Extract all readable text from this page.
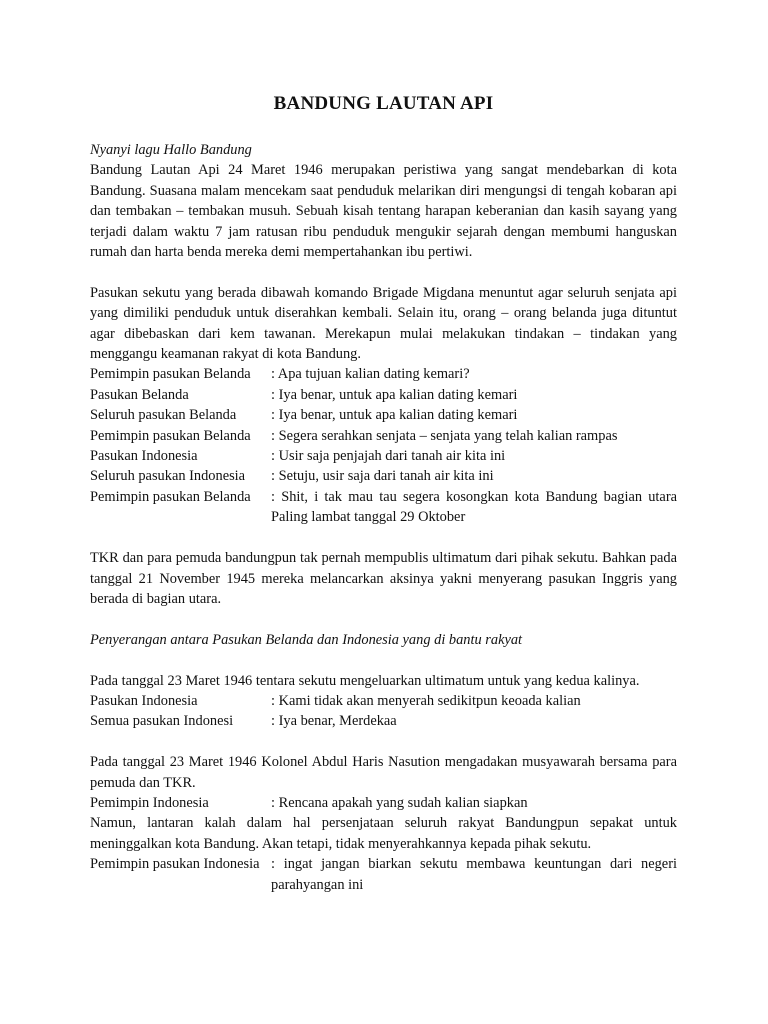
BANDUNG LAUTAN API
Nyanyi lagu Hallo Bandung
Bandung Lautan Api 24 Maret 1946 merupakan peristiwa yang sangat mendebarkan di kota Bandung. Suasana malam mencekam saat penduduk melarikan diri mengungsi di tengah kobaran api dan tembakan – tembakan musuh. Sebuah kisah tentang harapan keberanian dan kasih sayang yang terjadi dalam waktu 7 jam ratusan ribu penduduk mengukir sejarah dengan membumi hanguskan rumah dan harta benda mereka demi mempertahankan ibu pertiwi.
Pasukan sekutu yang berada dibawah komando Brigade Migdana menuntut agar seluruh senjata api yang dimiliki penduduk untuk diserahkan kembali. Selain itu, orang – orang belanda juga dituntut agar dibebaskan dari kem tawanan. Merekapun mulai melakukan tindakan – tindakan yang menggangu keamanan rakyat di kota Bandung.
Pemimpin pasukan Belanda	: Apa tujuan kalian dating kemari?
Pasukan Belanda	: Iya benar, untuk apa kalian dating kemari
Seluruh pasukan Belanda	: Iya benar, untuk apa kalian dating kemari
Pemimpin pasukan Belanda	: Segera serahkan senjata – senjata yang telah kalian rampas
Pasukan Indonesia	: Usir saja penjajah dari tanah air kita ini
Seluruh pasukan Indonesia	: Setuju, usir saja dari tanah air kita ini
Pemimpin pasukan Belanda	: Shit, i tak mau tau segera kosongkan kota Bandung bagian utara Paling lambat tanggal 29 Oktober
TKR dan para pemuda bandungpun tak pernah mempublis ultimatum dari pihak sekutu. Bahkan pada tanggal 21 November 1945 mereka melancarkan aksinya yakni menyerang pasukan Inggris yang berada di bagian utara.
Penyerangan antara Pasukan Belanda dan Indonesia yang di bantu rakyat
Pada tanggal 23 Maret 1946 tentara sekutu mengeluarkan ultimatum untuk yang kedua kalinya.
Pasukan Indonesia	: Kami tidak akan menyerah sedikitpun keoada kalian
Semua pasukan Indonesi	: Iya benar, Merdekaa
Pada tanggal 23 Maret 1946 Kolonel Abdul Haris Nasution mengadakan musyawarah bersama para pemuda dan TKR.
Pemimpin Indonesia	: Rencana apakah yang sudah kalian siapkan
Namun, lantaran kalah dalam hal persenjataan seluruh rakyat Bandungpun sepakat untuk meninggalkan kota Bandung. Akan tetapi, tidak menyerahkannya kepada pihak sekutu.
Pemimpin pasukan Indonesia : ingat jangan biarkan sekutu membawa keuntungan dari negeri parahyangan ini
